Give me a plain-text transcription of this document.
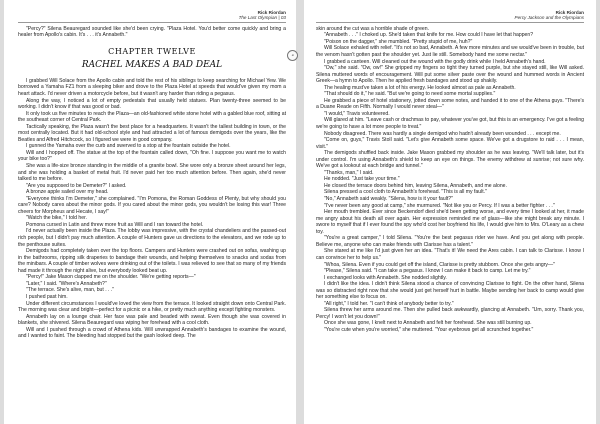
Rick Riordan
The Last Olympian | 03

"Percy?" Silena Beauregard sounded like she'd been crying. "Plaza Hotel. You'd better come quickly and bring a healer from Apollo's cabin. It's . . . it's Annabeth."

CHAPTER TWELVE
RACHEL MAKES A BAD DEAL

I grabbed Will Solace from the Apollo cabin and told the rest of his siblings to keep searching for Michael Yew. We borrowed a Yamaha FZ1 from a sleeping biker and drove to the Plaza Hotel at speeds that would've given my mom a heart attack. I'd never driven a motorcycle before, but it wasn't any harder than riding a pegasus.

Along the way, I noticed a lot of empty pedestals that usually held statues. Plan twenty-three seemed to be working. I didn't know if that was good or bad.

It only took us five minutes to reach the Plaza—an old-fashioned white stone hotel with a gabled blue roof, sitting at the southeast corner of Central Park.

Tactically speaking, the Plaza wasn't the best place for a headquarters. It wasn't the tallest building in town, or the most centrally located. But it had old-school style and had attracted a lot of famous demigods over the years, like the Beatles and Alfred Hitchcock, so I figured we were in good company.

I gunned the Yamaha over the curb and swerved to a stop at the fountain outside the hotel.

Will and I hopped off. The statue at the top of the fountain called down, "Oh fine. I suppose you want me to watch your bike too?"

She was a life-size bronze standing in the middle of a granite bowl. She wore only a bronze sheet around her legs, and she was holding a basket of metal fruit. I'd never paid her too much attention before. Then again, she'd never talked to me before.

"Are you supposed to be Demeter?" I asked.

A bronze apple sailed over my head.

"Everyone thinks I'm Demeter," she complained. "I'm Pomona, the Roman Goddess of Plenty, but why should you care? Nobody cares about the minor gods. If you cared about the minor gods, you wouldn't be losing this war! Three cheers for Morpheus and Hecate, I say!"

"Watch the bike," I told her.

Pomona cursed in Latin and threw more fruit as Will and I ran toward the hotel.

I'd never actually been inside the Plaza. The lobby was impressive, with the crystal chandeliers and the passed-out rich people, but I didn't pay much attention. A couple of Hunters gave us directions to the elevators, and we rode up to the penthouse suites.

Demigods had completely taken over the top floors. Campers and Hunters were crashed out on sofas, washing up in the bathrooms, ripping silk draperies to bandage their wounds, and helping themselves to snacks and sodas from the minibars. A couple of timber wolves were drinking out of the toilets. I was relieved to see that so many of my friends had made it through the night alive, but everybody looked beat up.

"Percy!" Jake Mason clapped me on the shoulder. "We're getting reports—"

"Later," I said. "Where's Annabeth?"

"The terrace. She's alive, man, but . . ."

I pushed past him.

Under different circumstances I would've loved the view from the terrace. It looked straight down onto Central Park. The morning was clear and bright—perfect for a picnic or a hike, or pretty much anything except fighting monsters.

Annabeth lay on a lounge chair. Her face was pale and beaded with sweat. Even though she was covered in blankets, she shivered. Silena Beauregard was wiping her forehead with a cool cloth.

Will and I pushed through a crowd of Athena kids. Will unwrapped Annabeth's bandages to examine the wound, and I wanted to faint. The bleeding had stopped but the gash looked deep. The

◂
Rick Riordan
Percy Jackson and the Olympians

skin around the cut was a horrible shade of green.

"Annabeth . . ." I choked up. She'd taken that knife for me. How could I have let that happen?

"Poison on the dagger," she mumbled. "Pretty stupid of me, huh?"

Will Solace exhaled with relief. "It's not so bad, Annabeth. A few more minutes and we would've been in trouble, but the venom hasn't gotten past the shoulder yet. Just lie still. Somebody hand me some nectar."

I grabbed a canteen. Will cleaned out the wound with the godly drink while I held Annabeth's hand.

"Ow," she said. "Ow, ow!" She gripped my fingers so tight they turned purple, but she stayed still, like Will asked. Silena muttered words of encouragement. Will put some silver paste over the wound and hummed words in Ancient Greek—a hymn to Apollo. Then he applied fresh bandages and stood up shakily.

The healing must've taken a lot of his energy. He looked almost as pale as Annabeth.

"That should do it," he said. "But we're going to need some mortal supplies."

He grabbed a piece of hotel stationery, jotted down some notes, and handed it to one of the Athena guys. "There's a Duane Reade on Fifth. Normally I would never steal—"

"I would," Travis volunteered.

Will glared at him. "Leave cash or drachmas to pay, whatever you've got, but this is an emergency. I've got a feeling we're going to have a lot more people to treat."

Nobody disagreed. There was hardly a single demigod who hadn't already been wounded . . . except me.

"Come on, guys," Travis Stoll said. "Let's give Annabeth some space. We've got a drugstore to raid . . . I mean, visit."

The demigods shuffled back inside. Jake Mason grabbed my shoulder as he was leaving. "We'll talk later, but it's under control. I'm using Annabeth's shield to keep an eye on things. The enemy withdrew at sunrise; not sure why. We've got a lookout at each bridge and tunnel."

"Thanks, man," I said.

He nodded. "Just take your time."

He closed the terrace doors behind him, leaving Silena, Annabeth, and me alone.

Silena pressed a cool cloth to Annabeth's forehead. "This is all my fault."

"No," Annabeth said weakly. "Silena, how is it your fault?"

"I've never been any good at camp," she murmured. "Not like you or Percy. If I was a better fighter . . ."

Her mouth trembled. Ever since Beckendorf died she'd been getting worse, and every time I looked at her, it made me angry about his death all over again. Her expression reminded me of glass—like she might break any minute. I swore to myself that if I ever found the spy who'd cost her boyfriend his life, I would give him to Mrs. O'Leary as a chew toy.

"You're a great camper," I told Silena. "You're the best pegasus rider we have. And you get along with people. Believe me, anyone who can make friends with Clarisse has a talent."

She stared at me like I'd just given her an idea. "That's it! We need the Ares cabin. I can talk to Clarisse. I know I can convince her to help us."

"Whoa, Silena. Even if you could get off the island, Clarisse is pretty stubborn. Once she gets angry—"

"Please," Silena said. "I can take a pegasus. I know I can make it back to camp. Let me try."

I exchanged looks with Annabeth. She nodded slightly.

I didn't like the idea. I didn't think Silena stood a chance of convincing Clarisse to fight. On the other hand, Silena was so distracted right now that she would just get herself hurt in battle. Maybe sending her back to camp would give her something else to focus on.

"All right," I told her. "I can't think of anybody better to try."

Silena threw her arms around me. Then she pulled back awkwardly, glancing at Annabeth. "Um, sorry. Thank you, Percy! I won't let you down!"

Once she was gone, I knelt next to Annabeth and felt her forehead. She was still burning up.

"You're cute when you're worried," she muttered. "Your eyebrows get all scrunched together."
